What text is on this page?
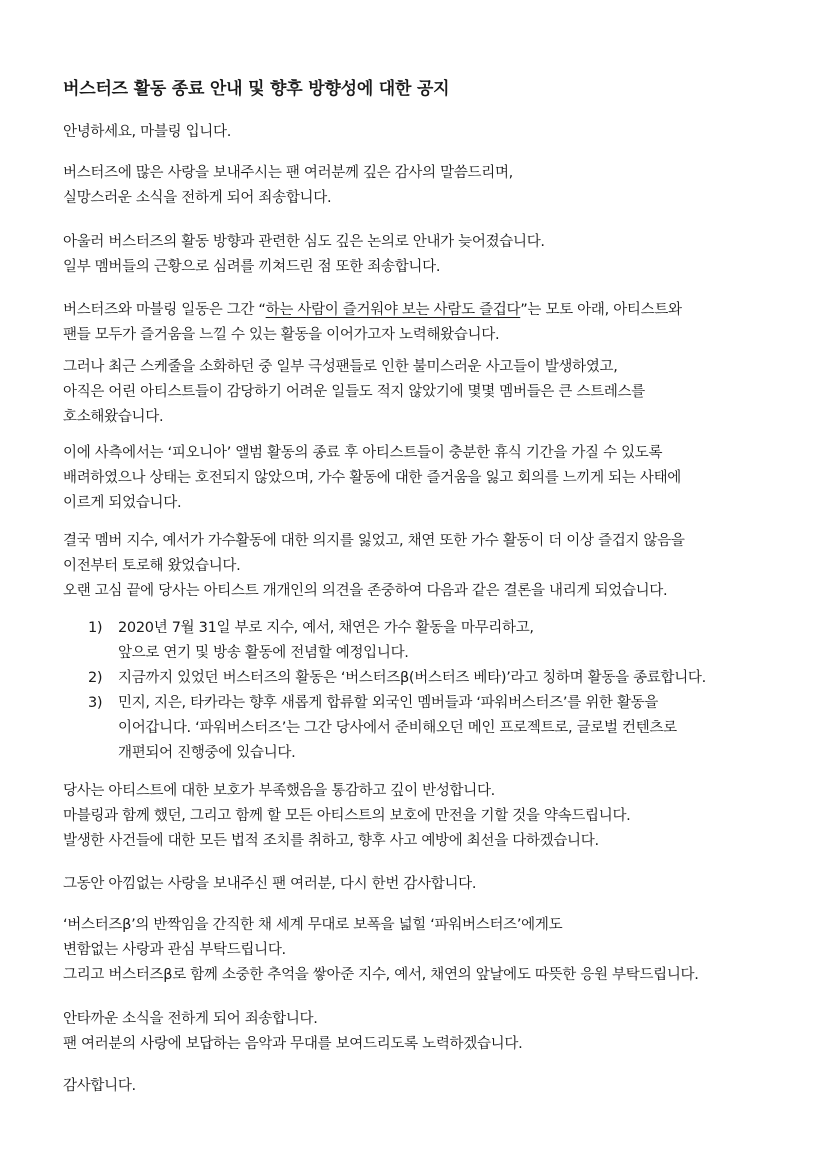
버스터즈 활동 종료 안내 및 향후 방향성에 대한 공지
안녕하세요, 마블링 입니다.
버스터즈에 많은 사랑을 보내주시는 팬 여러분께 깊은 감사의 말씀드리며,
실망스러운 소식을 전하게 되어 죄송합니다.
아울러 버스터즈의 활동 방향과 관련한 심도 깊은 논의로 안내가 늦어졌습니다.
일부 멤버들의 근황으로 심려를 끼쳐드린 점 또한 죄송합니다.
버스터즈와 마블링 일동은 그간 “하는 사람이 즐거워야 보는 사람도 즐겁다”는 모토 아래, 아티스트와
팬들 모두가 즐거움을 느낄 수 있는 활동을 이어가고자 노력해왔습니다.
그러나 최근 스케줄을 소화하던 중 일부 극성팬들로 인한 불미스러운 사고들이 발생하였고,
아직은 어린 아티스트들이 감당하기 어려운 일들도 적지 않았기에 몇몇 멤버들은 큰 스트레스를
호소해왔습니다.
이에 사측에서는 ‘피오니아’ 앨범 활동의 종료 후 아티스트들이 충분한 휴식 기간을 가질 수 있도록
배려하였으나 상태는 호전되지 않았으며, 가수 활동에 대한 즐거움을 잃고 회의를 느끼게 되는 사태에
이르게 되었습니다.
결국 멤버 지수, 예서가 가수활동에 대한 의지를 잃었고, 채연 또한 가수 활동이 더 이상 즐겁지 않음을
이전부터 토로해 왔었습니다.
오랜 고심 끝에 당사는 아티스트 개개인의 의견을 존중하여 다음과 같은 결론을 내리게 되었습니다.
1)	2020년 7월 31일 부로 지수, 예서, 채연은 가수 활동을 마무리하고,
앞으로 연기 및 방송 활동에 전념할 예정입니다.
2)	지금까지 있었던 버스터즈의 활동은 ‘버스터즈β(버스터즈 베타)’라고 칭하며 활동을 종료합니다.
3)	민지, 지은, 타카라는 향후 새롭게 합류할 외국인 멤버들과 ‘파워버스터즈’를 위한 활동을
이어갑니다. ‘파워버스터즈’는 그간 당사에서 준비해오던 메인 프로젝트로, 글로벌 컨텐츠로
개편되어 진행중에 있습니다.
당사는 아티스트에 대한 보호가 부족했음을 통감하고 깊이 반성합니다.
마블링과 함께 했던, 그리고 함께 할 모든 아티스트의 보호에 만전을 기할 것을 약속드립니다.
발생한 사건들에 대한 모든 법적 조치를 취하고, 향후 사고 예방에 최선을 다하겠습니다.
그동안 아낌없는 사랑을 보내주신 팬 여러분, 다시 한번 감사합니다.
‘버스터즈β’의 반짝임을 간직한 채 세계 무대로 보폭을 넓힐 ‘파워버스터즈’에게도
변함없는 사랑과 관심 부탁드립니다.
그리고 버스터즈β로 함께 소중한 추억을 쌓아준 지수, 예서, 채연의 앞날에도 따뜻한 응원 부탁드립니다.
안타까운 소식을 전하게 되어 죄송합니다.
팬 여러분의 사랑에 보답하는 음악과 무대를 보여드리도록 노력하겠습니다.
감사합니다.
